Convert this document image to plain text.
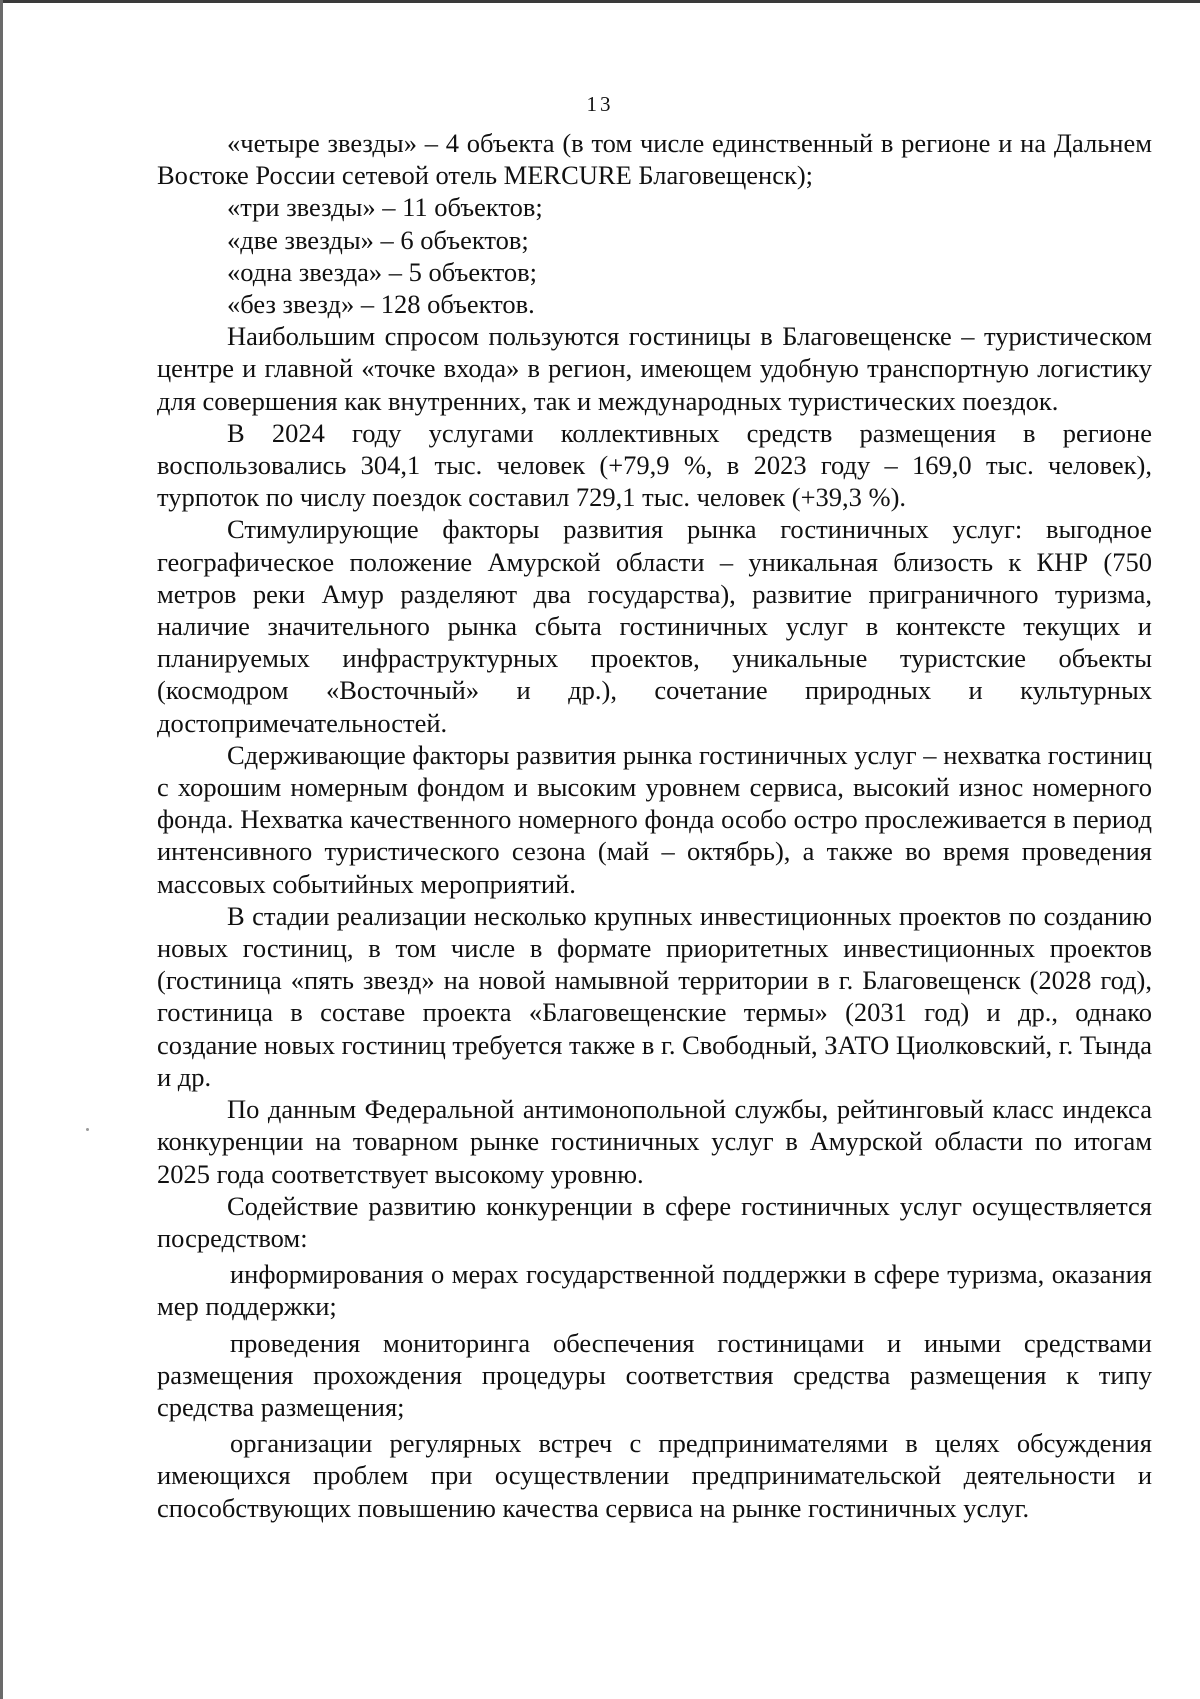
13

«четыре звезды» – 4 объекта (в том числе единственный в регионе и на Дальнем Востоке России сетевой отель MERCURE Благовещенск);

«три звезды» – 11 объектов;

«две звезды» – 6 объектов;

«одна звезда» – 5 объектов;

«без звезд» – 128 объектов.

Наибольшим спросом пользуются гостиницы в Благовещенске – туристическом центре и главной «точке входа» в регион, имеющем удобную транспортную логистику для совершения как внутренних, так и международных туристических поездок.

В 2024 году услугами коллективных средств размещения в регионе воспользовались 304,1 тыс. человек (+79,9 %, в 2023 году – 169,0 тыс. человек), турпоток по числу поездок составил 729,1 тыс. человек (+39,3 %).

Стимулирующие факторы развития рынка гостиничных услуг: выгодное географическое положение Амурской области – уникальная близость к КНР (750 метров реки Амур разделяют два государства), развитие приграничного туризма, наличие значительного рынка сбыта гостиничных услуг в контексте текущих и планируемых инфраструктурных проектов, уникальные туристские объекты (космодром «Восточный» и др.), сочетание природных и культурных достопримечательностей.

Сдерживающие факторы развития рынка гостиничных услуг – нехватка гостиниц с хорошим номерным фондом и высоким уровнем сервиса, высокий износ номерного фонда. Нехватка качественного номерного фонда особо остро прослеживается в период интенсивного туристического сезона (май – октябрь), а также во время проведения массовых событийных мероприятий.

В стадии реализации несколько крупных инвестиционных проектов по созданию новых гостиниц, в том числе в формате приоритетных инвестиционных проектов (гостиница «пять звезд» на новой намывной территории в г. Благовещенск (2028 год), гостиница в составе проекта «Благовещенские термы» (2031 год) и др., однако создание новых гостиниц требуется также в г. Свободный, ЗАТО Циолковский, г. Тында и др.

По данным Федеральной антимонопольной службы, рейтинговый класс индекса конкуренции на товарном рынке гостиничных услуг в Амурской области по итогам 2025 года соответствует высокому уровню.

Содействие развитию конкуренции в сфере гостиничных услуг осуществляется посредством:

информирования о мерах государственной поддержки в сфере туризма, оказания мер поддержки;

проведения мониторинга обеспечения гостиницами и иными средствами размещения прохождения процедуры соответствия средства размещения к типу средства размещения;

организации регулярных встреч с предпринимателями в целях обсуждения имеющихся проблем при осуществлении предпринимательской деятельности и способствующих повышению качества сервиса на рынке гостиничных услуг.
